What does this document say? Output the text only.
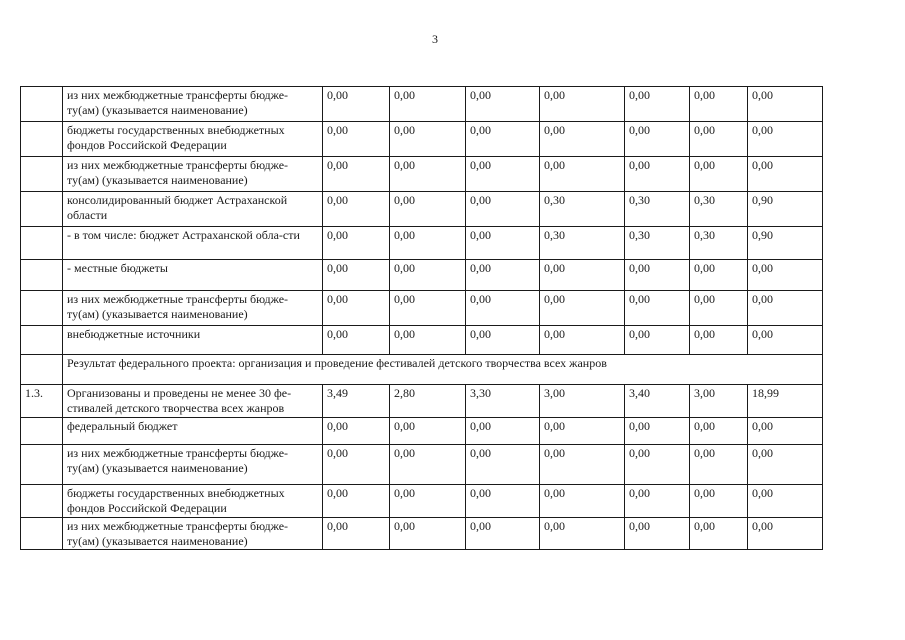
3
	из них межбюджетные трансферты бюдже-ту(ам) (указывается наименование)	0,00	0,00	0,00	0,00	0,00	0,00	0,00
	бюджеты государственных внебюджетных фондов Российской Федерации	0,00	0,00	0,00	0,00	0,00	0,00	0,00
	из них межбюджетные трансферты бюдже-ту(ам) (указывается наименование)	0,00	0,00	0,00	0,00	0,00	0,00	0,00
	консолидированный бюджет Астраханской области	0,00	0,00	0,00	0,30	0,30	0,30	0,90
	- в том числе: бюджет Астраханской обла-сти	0,00	0,00	0,00	0,30	0,30	0,30	0,90
	- местные бюджеты	0,00	0,00	0,00	0,00	0,00	0,00	0,00
	из них межбюджетные трансферты бюдже-ту(ам) (указывается наименование)	0,00	0,00	0,00	0,00	0,00	0,00	0,00
	внебюджетные источники	0,00	0,00	0,00	0,00	0,00	0,00	0,00
	Результат федерального проекта: организация и проведение фестивалей детского творчества всех жанров							
1.3.	Организованы и проведены не менее 30 фе-стивалей детского творчества всех жанров	3,49	2,80	3,30	3,00	3,40	3,00	18,99
	федеральный бюджет	0,00	0,00	0,00	0,00	0,00	0,00	0,00
	из них межбюджетные трансферты бюдже-ту(ам) (указывается наименование)	0,00	0,00	0,00	0,00	0,00	0,00	0,00
	бюджеты государственных внебюджетных фондов Российской Федерации	0,00	0,00	0,00	0,00	0,00	0,00	0,00
	из них межбюджетные трансферты бюдже-ту(ам) (указывается наименование)	0,00	0,00	0,00	0,00	0,00	0,00	0,00
